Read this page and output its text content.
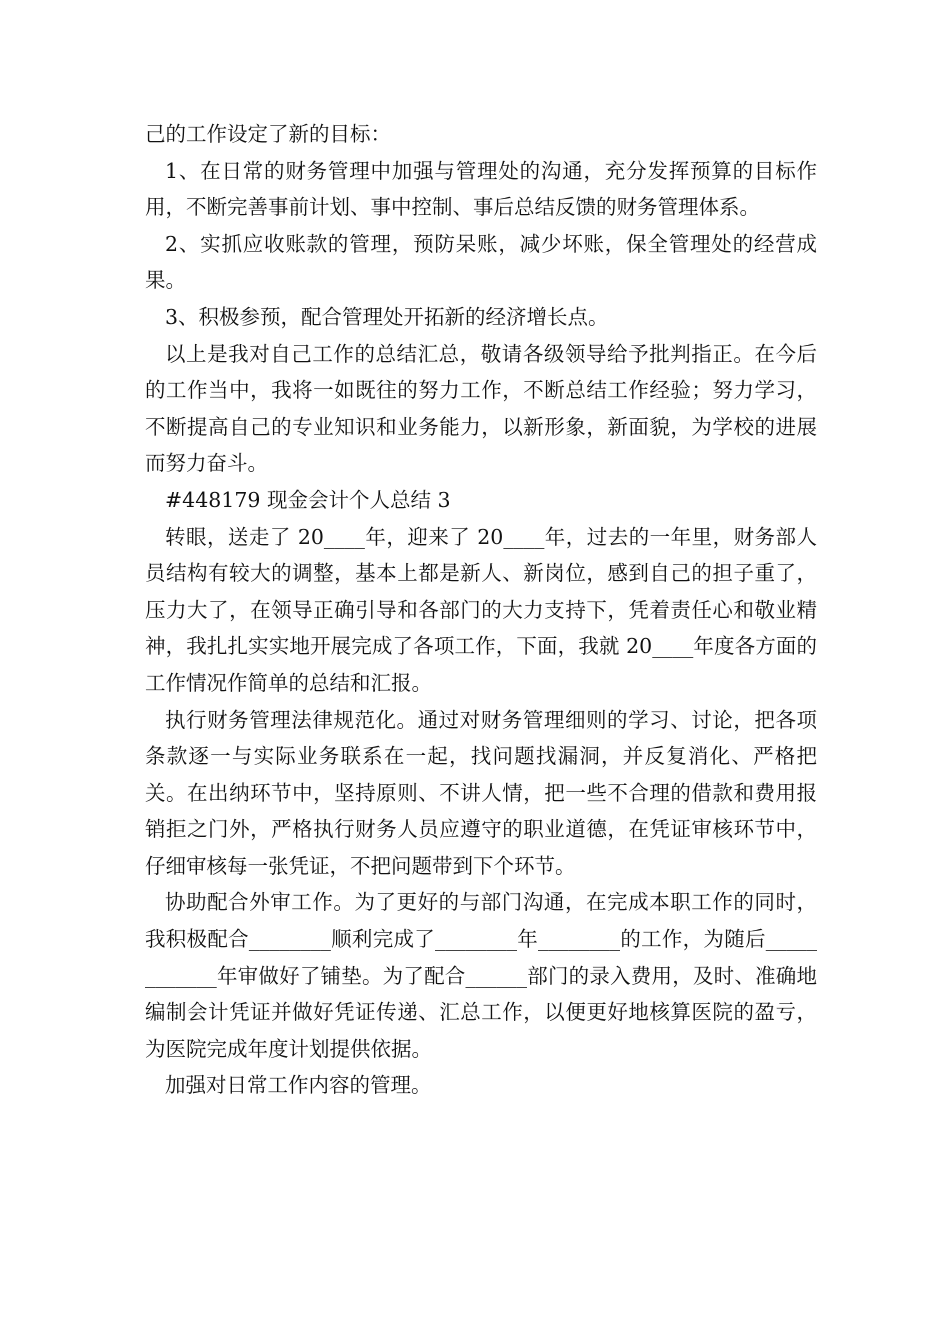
己的工作设定了新的目标：

1、在日常的财务管理中加强与管理处的沟通，充分发挥预算的目标作用，不断完善事前计划、事中控制、事后总结反馈的财务管理体系。

2、实抓应收账款的管理，预防呆账，减少坏账，保全管理处的经营成果。

3、积极参预，配合管理处开拓新的经济增长点。

以上是我对自己工作的总结汇总，敬请各级领导给予批判指正。在今后的工作当中，我将一如既往的努力工作，不断总结工作经验；努力学习，不断提高自己的专业知识和业务能力，以新形象，新面貌，为学校的进展而努力奋斗。

#448179 现金会计个人总结 3

转眼，送走了 20____年，迎来了 20____年，过去的一年里，财务部人员结构有较大的调整，基本上都是新人、新岗位，感到自己的担子重了，压力大了，在领导正确引导和各部门的大力支持下，凭着责任心和敬业精神，我扎扎实实地开展完成了各项工作，下面，我就 20____年度各方面的工作情况作简单的总结和汇报。

执行财务管理法律规范化。通过对财务管理细则的学习、讨论，把各项条款逐一与实际业务联系在一起，找问题找漏洞，并反复消化、严格把关。在出纳环节中，坚持原则、不讲人情，把一些不合理的借款和费用报销拒之门外，严格执行财务人员应遵守的职业道德，在凭证审核环节中，仔细审核每一张凭证，不把问题带到下个环节。

协助配合外审工作。为了更好的与部门沟通，在完成本职工作的同时，我积极配合________顺利完成了________年________的工作，为随后____________年审做好了铺垫。为了配合______部门的录入费用，及时、准确地编制会计凭证并做好凭证传递、汇总工作，以便更好地核算医院的盈亏，为医院完成年度计划提供依据。

加强对日常工作内容的管理。
